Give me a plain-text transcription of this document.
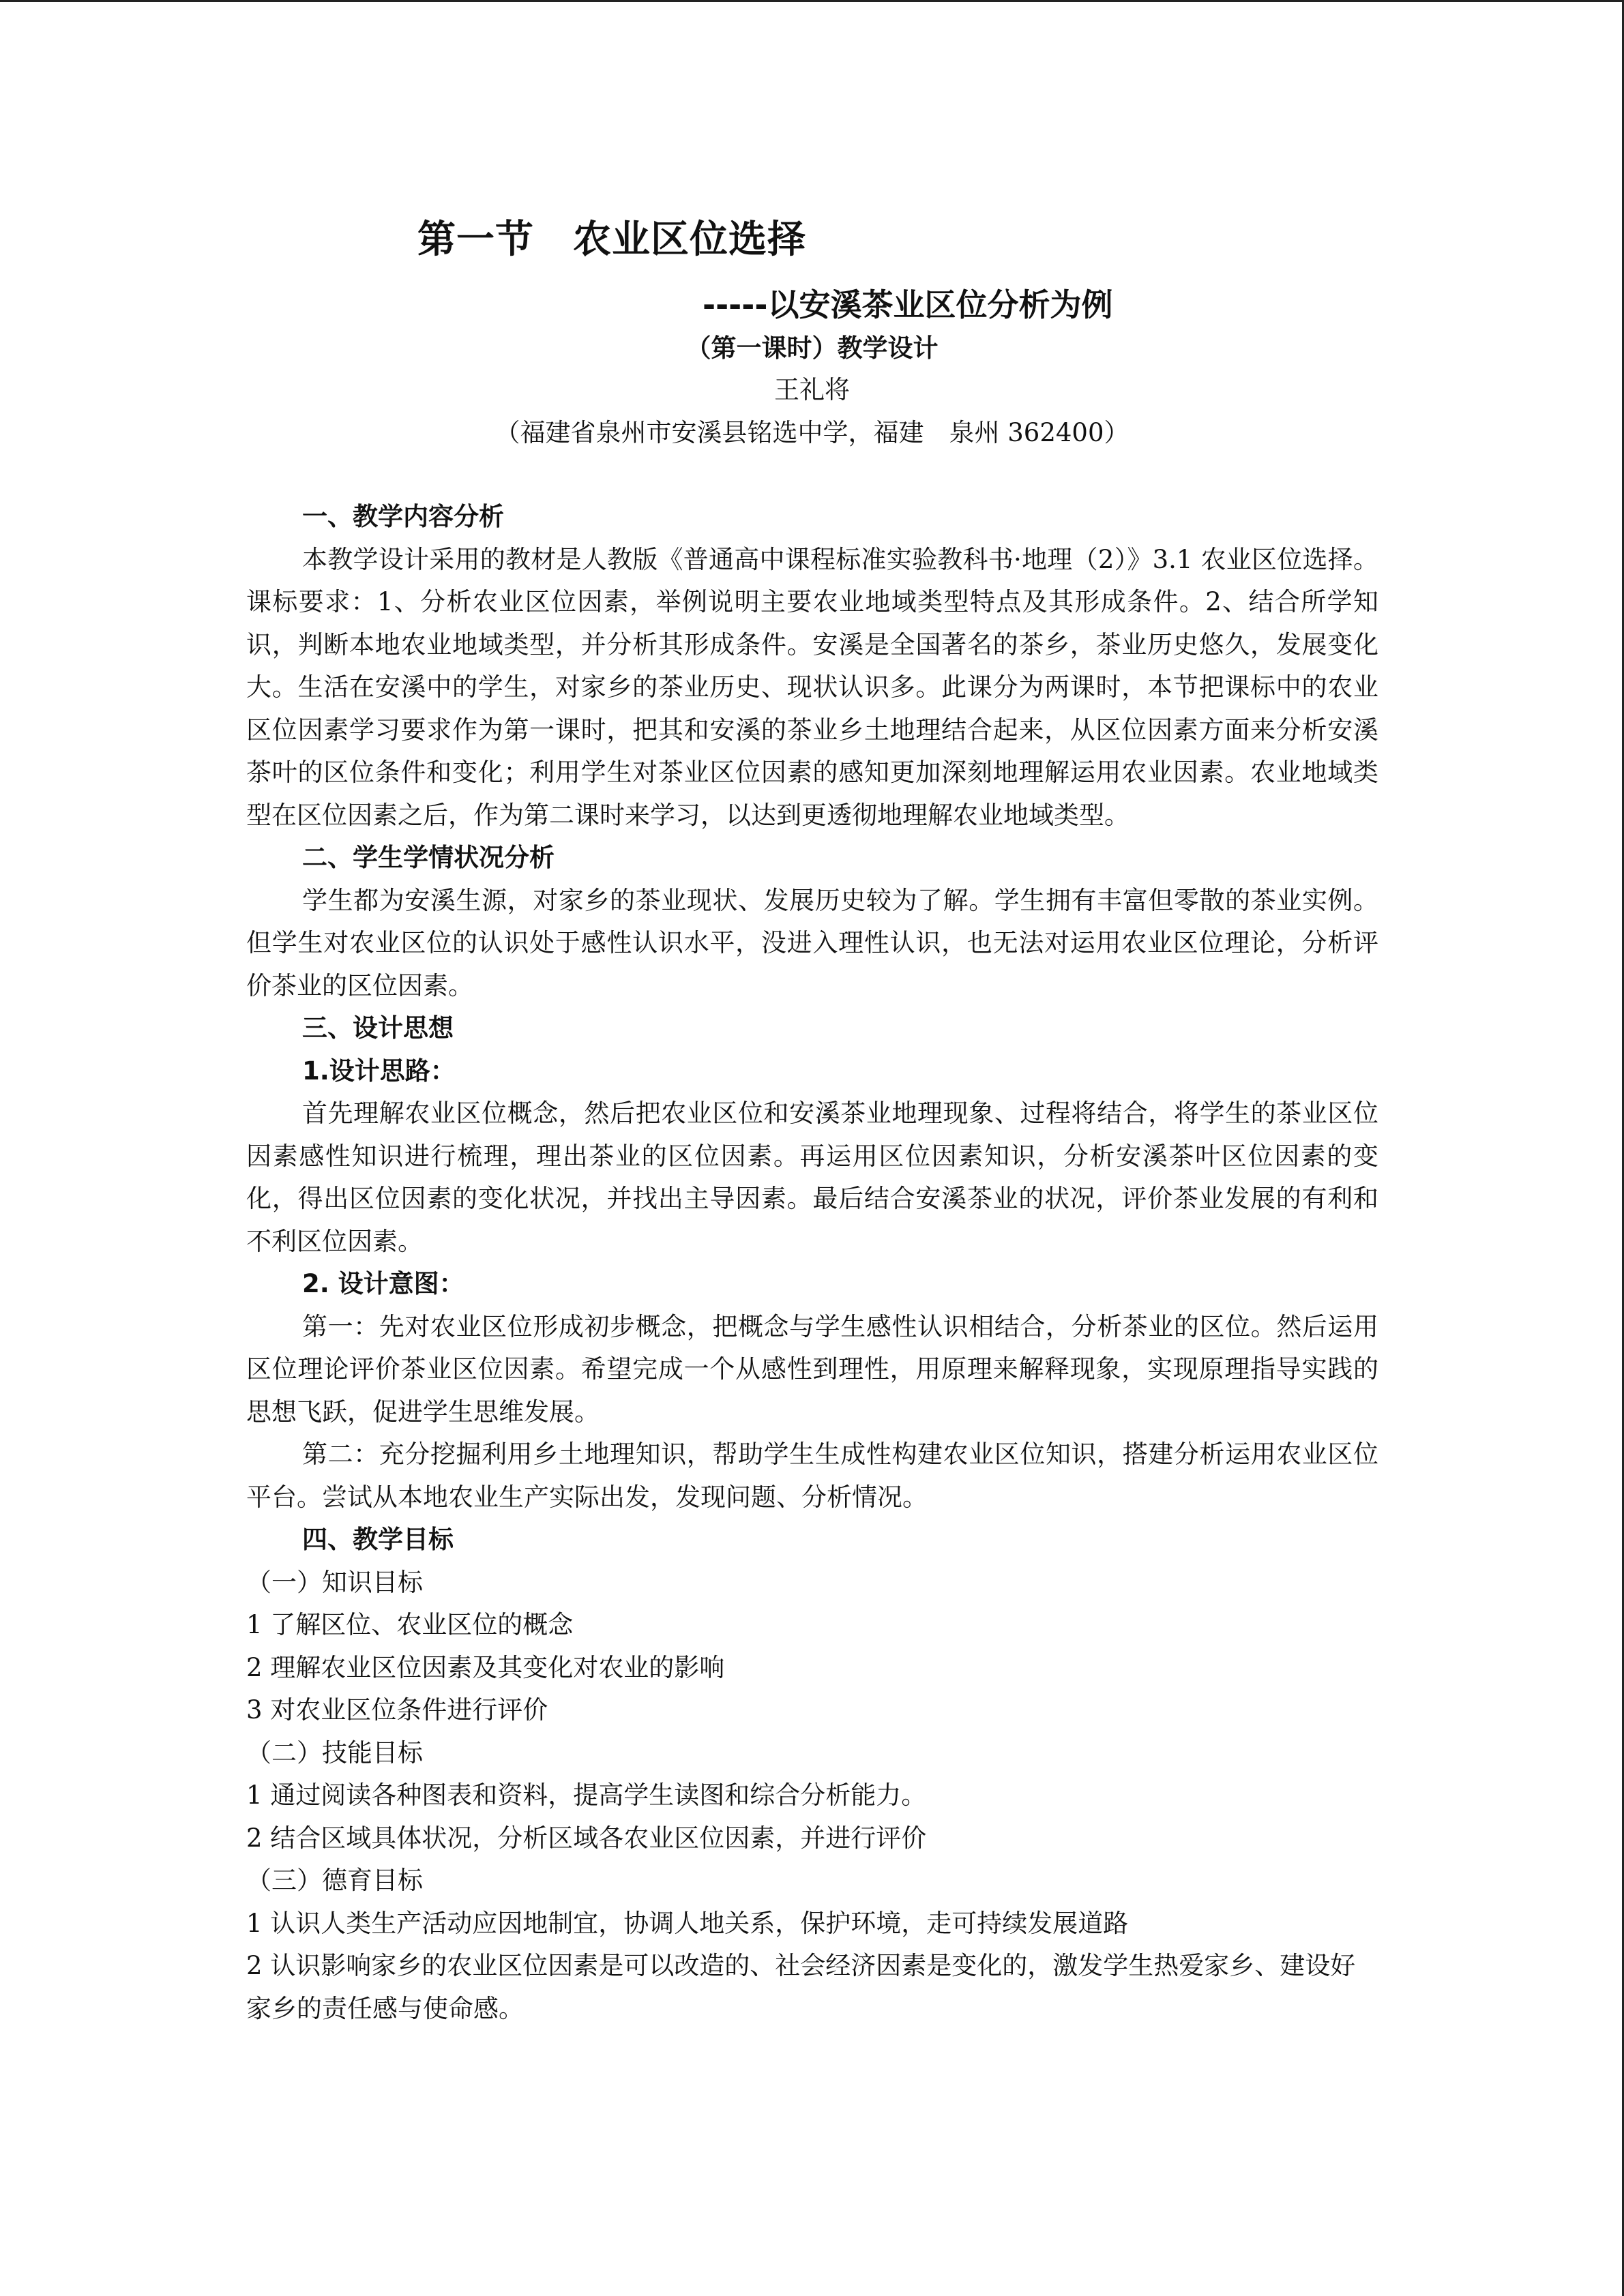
第一节　农业区位选择
-----以安溪茶业区位分析为例
（第一课时）教学设计
王礼将
（福建省泉州市安溪县铭选中学，福建　泉州 362400）

一、教学内容分析

本教学设计采用的教材是人教版《普通高中课程标准实验教科书·地理（2）》3.1 农业区位选择。课标要求：1、分析农业区位因素，举例说明主要农业地域类型特点及其形成条件。2、结合所学知识，判断本地农业地域类型，并分析其形成条件。安溪是全国著名的茶乡，茶业历史悠久，发展变化大。生活在安溪中的学生，对家乡的茶业历史、现状认识多。此课分为两课时，本节把课标中的农业区位因素学习要求作为第一课时，把其和安溪的茶业乡土地理结合起来，从区位因素方面来分析安溪茶叶的区位条件和变化；利用学生对茶业区位因素的感知更加深刻地理解运用农业因素。农业地域类型在区位因素之后，作为第二课时来学习，以达到更透彻地理解农业地域类型。

二、学生学情状况分析

学生都为安溪生源，对家乡的茶业现状、发展历史较为了解。学生拥有丰富但零散的茶业实例。但学生对农业区位的认识处于感性认识水平，没进入理性认识，也无法对运用农业区位理论，分析评价茶业的区位因素。

三、设计思想

1.设计思路：

首先理解农业区位概念，然后把农业区位和安溪茶业地理现象、过程将结合，将学生的茶业区位因素感性知识进行梳理，理出茶业的区位因素。再运用区位因素知识，分析安溪茶叶区位因素的变化，得出区位因素的变化状况，并找出主导因素。最后结合安溪茶业的状况，评价茶业发展的有利和不利区位因素。

2. 设计意图：

第一：先对农业区位形成初步概念，把概念与学生感性认识相结合，分析茶业的区位。然后运用区位理论评价茶业区位因素。希望完成一个从感性到理性，用原理来解释现象，实现原理指导实践的思想飞跃，促进学生思维发展。

第二：充分挖掘利用乡土地理知识，帮助学生生成性构建农业区位知识，搭建分析运用农业区位平台。尝试从本地农业生产实际出发，发现问题、分析情况。

四、教学目标

（一）知识目标

1 了解区位、农业区位的概念

2 理解农业区位因素及其变化对农业的影响

3 对农业区位条件进行评价

（二）技能目标

1 通过阅读各种图表和资料，提高学生读图和综合分析能力。

2 结合区域具体状况，分析区域各农业区位因素，并进行评价

（三）德育目标

1 认识人类生产活动应因地制宜，协调人地关系，保护环境，走可持续发展道路

2 认识影响家乡的农业区位因素是可以改造的、社会经济因素是变化的，激发学生热爱家乡、建设好家乡的责任感与使命感。
